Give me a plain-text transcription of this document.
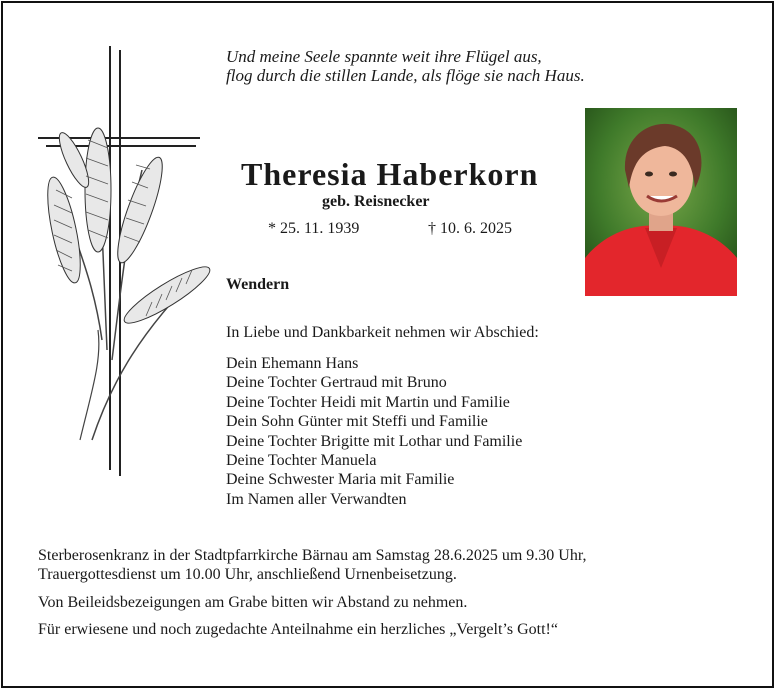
Und meine Seele spannte weit ihre Flügel aus,
flog durch die stillen Lande, als flöge sie nach Haus.
Theresia Haberkorn
geb. Reisnecker
* 25. 11. 1939	† 10. 6. 2025
Wendern
In Liebe und Dankbarkeit nehmen wir Abschied:
Dein Ehemann Hans
Deine Tochter Gertraud mit Bruno
Deine Tochter Heidi mit Martin und Familie
Dein Sohn Günter mit Steffi und Familie
Deine Tochter Brigitte mit Lothar und Familie
Deine Tochter Manuela
Deine Schwester Maria mit Familie
Im Namen aller Verwandten
Sterberosenkranz in der Stadtpfarrkirche Bärnau am Samstag 28.6.2025 um 9.30 Uhr,
Trauergottesdienst um 10.00 Uhr, anschließend Urnenbeisetzung.
Von Beileidsbezeigungen am Grabe bitten wir Abstand zu nehmen.
Für erwiesene und noch zugedachte Anteilnahme ein herzliches „Vergelt’s Gott!“
